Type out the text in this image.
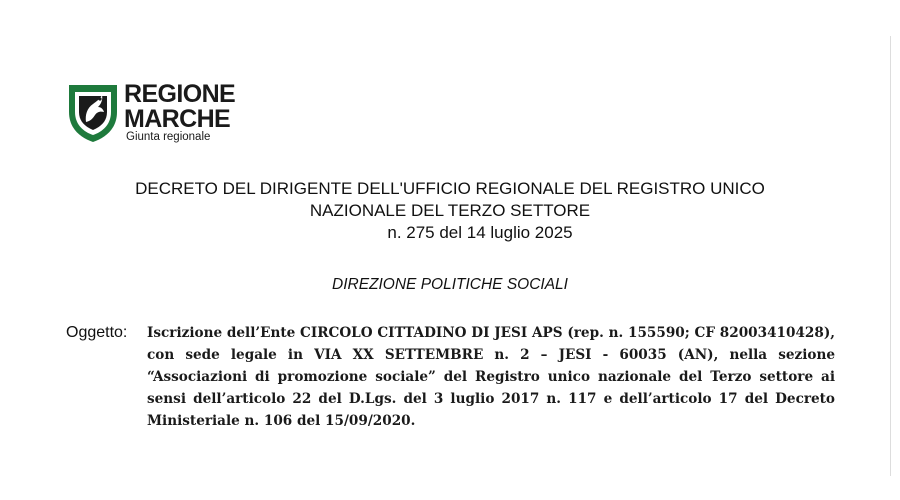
REGIONE
MARCHE
Giunta regionale
DECRETO DEL DIRIGENTE DELL'UFFICIO REGIONALE DEL REGISTRO UNICO
NAZIONALE DEL TERZO SETTORE
n. 275 del 14 luglio 2025
DIREZIONE POLITICHE SOCIALI
Oggetto: Iscrizione dell’Ente CIRCOLO CITTADINO DI JESI APS (rep. n. 155590; CF 82003410428), con sede legale in VIA XX SETTEMBRE n. 2 – JESI - 60035 (AN), nella sezione “Associazioni di promozione sociale” del Registro unico nazionale del Terzo settore ai sensi dell’articolo 22 del D.Lgs. del 3 luglio 2017 n. 117 e dell’articolo 17 del Decreto Ministeriale n. 106 del 15/09/2020.
